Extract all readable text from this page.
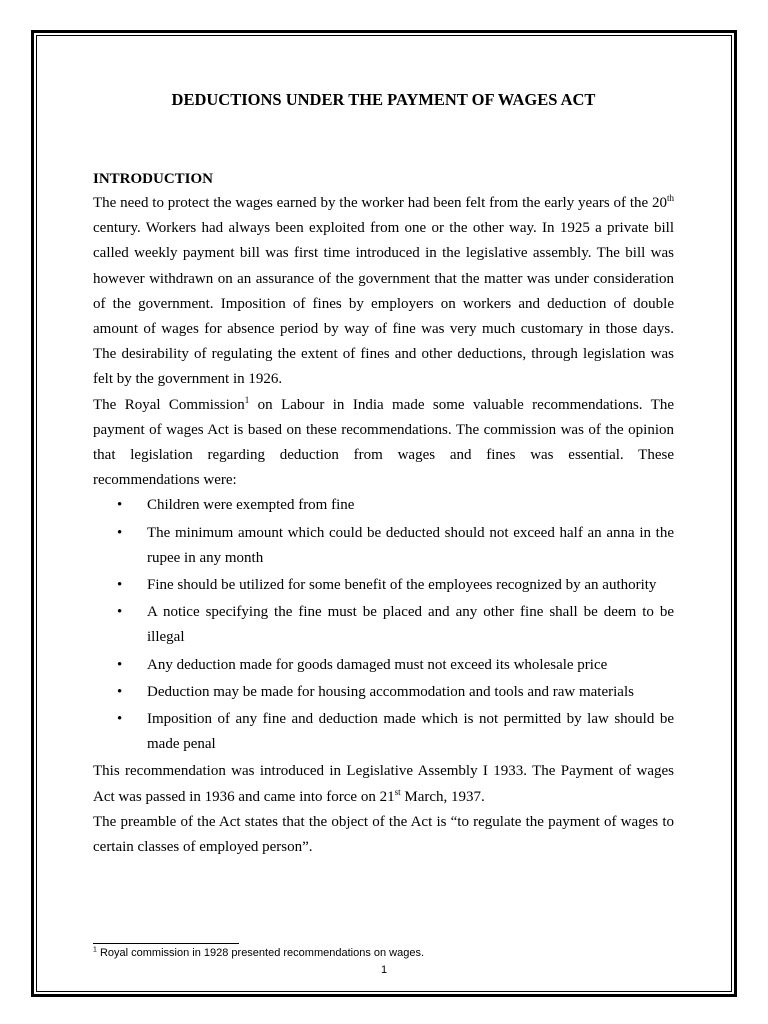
DEDUCTIONS UNDER THE PAYMENT OF WAGES ACT

INTRODUCTION

The need to protect the wages earned by the worker had been felt from the early years of the 20th century. Workers had always been exploited from one or the other way. In 1925 a private bill called weekly payment bill was first time introduced in the legislative assembly. The bill was however withdrawn on an assurance of the government that the matter was under consideration of the government. Imposition of fines by employers on workers and deduction of double amount of wages for absence period by way of fine was very much customary in those days. The desirability of regulating the extent of fines and other deductions, through legislation was felt by the government in 1926.

The Royal Commission$^1$ on Labour in India made some valuable recommendations. The payment of wages Act is based on these recommendations. The commission was of the opinion that legislation regarding deduction from wages and fines was essential. These recommendations were:

• Children were exempted from fine
• The minimum amount which could be deducted should not exceed half an anna in the rupee in any month
• Fine should be utilized for some benefit of the employees recognized by an authority
• A notice specifying the fine must be placed and any other fine shall be deem to be illegal
• Any deduction made for goods damaged must not exceed its wholesale price
• Deduction may be made for housing accommodation and tools and raw materials
• Imposition of any fine and deduction made which is not permitted by law should be made penal

This recommendation was introduced in Legislative Assembly I 1933. The Payment of wages Act was passed in 1936 and came into force on 21st March, 1937.

The preamble of the Act states that the object of the Act is “to regulate the payment of wages to certain classes of employed person”.

$^1$ Royal commission in 1928 presented recommendations on wages.

1
